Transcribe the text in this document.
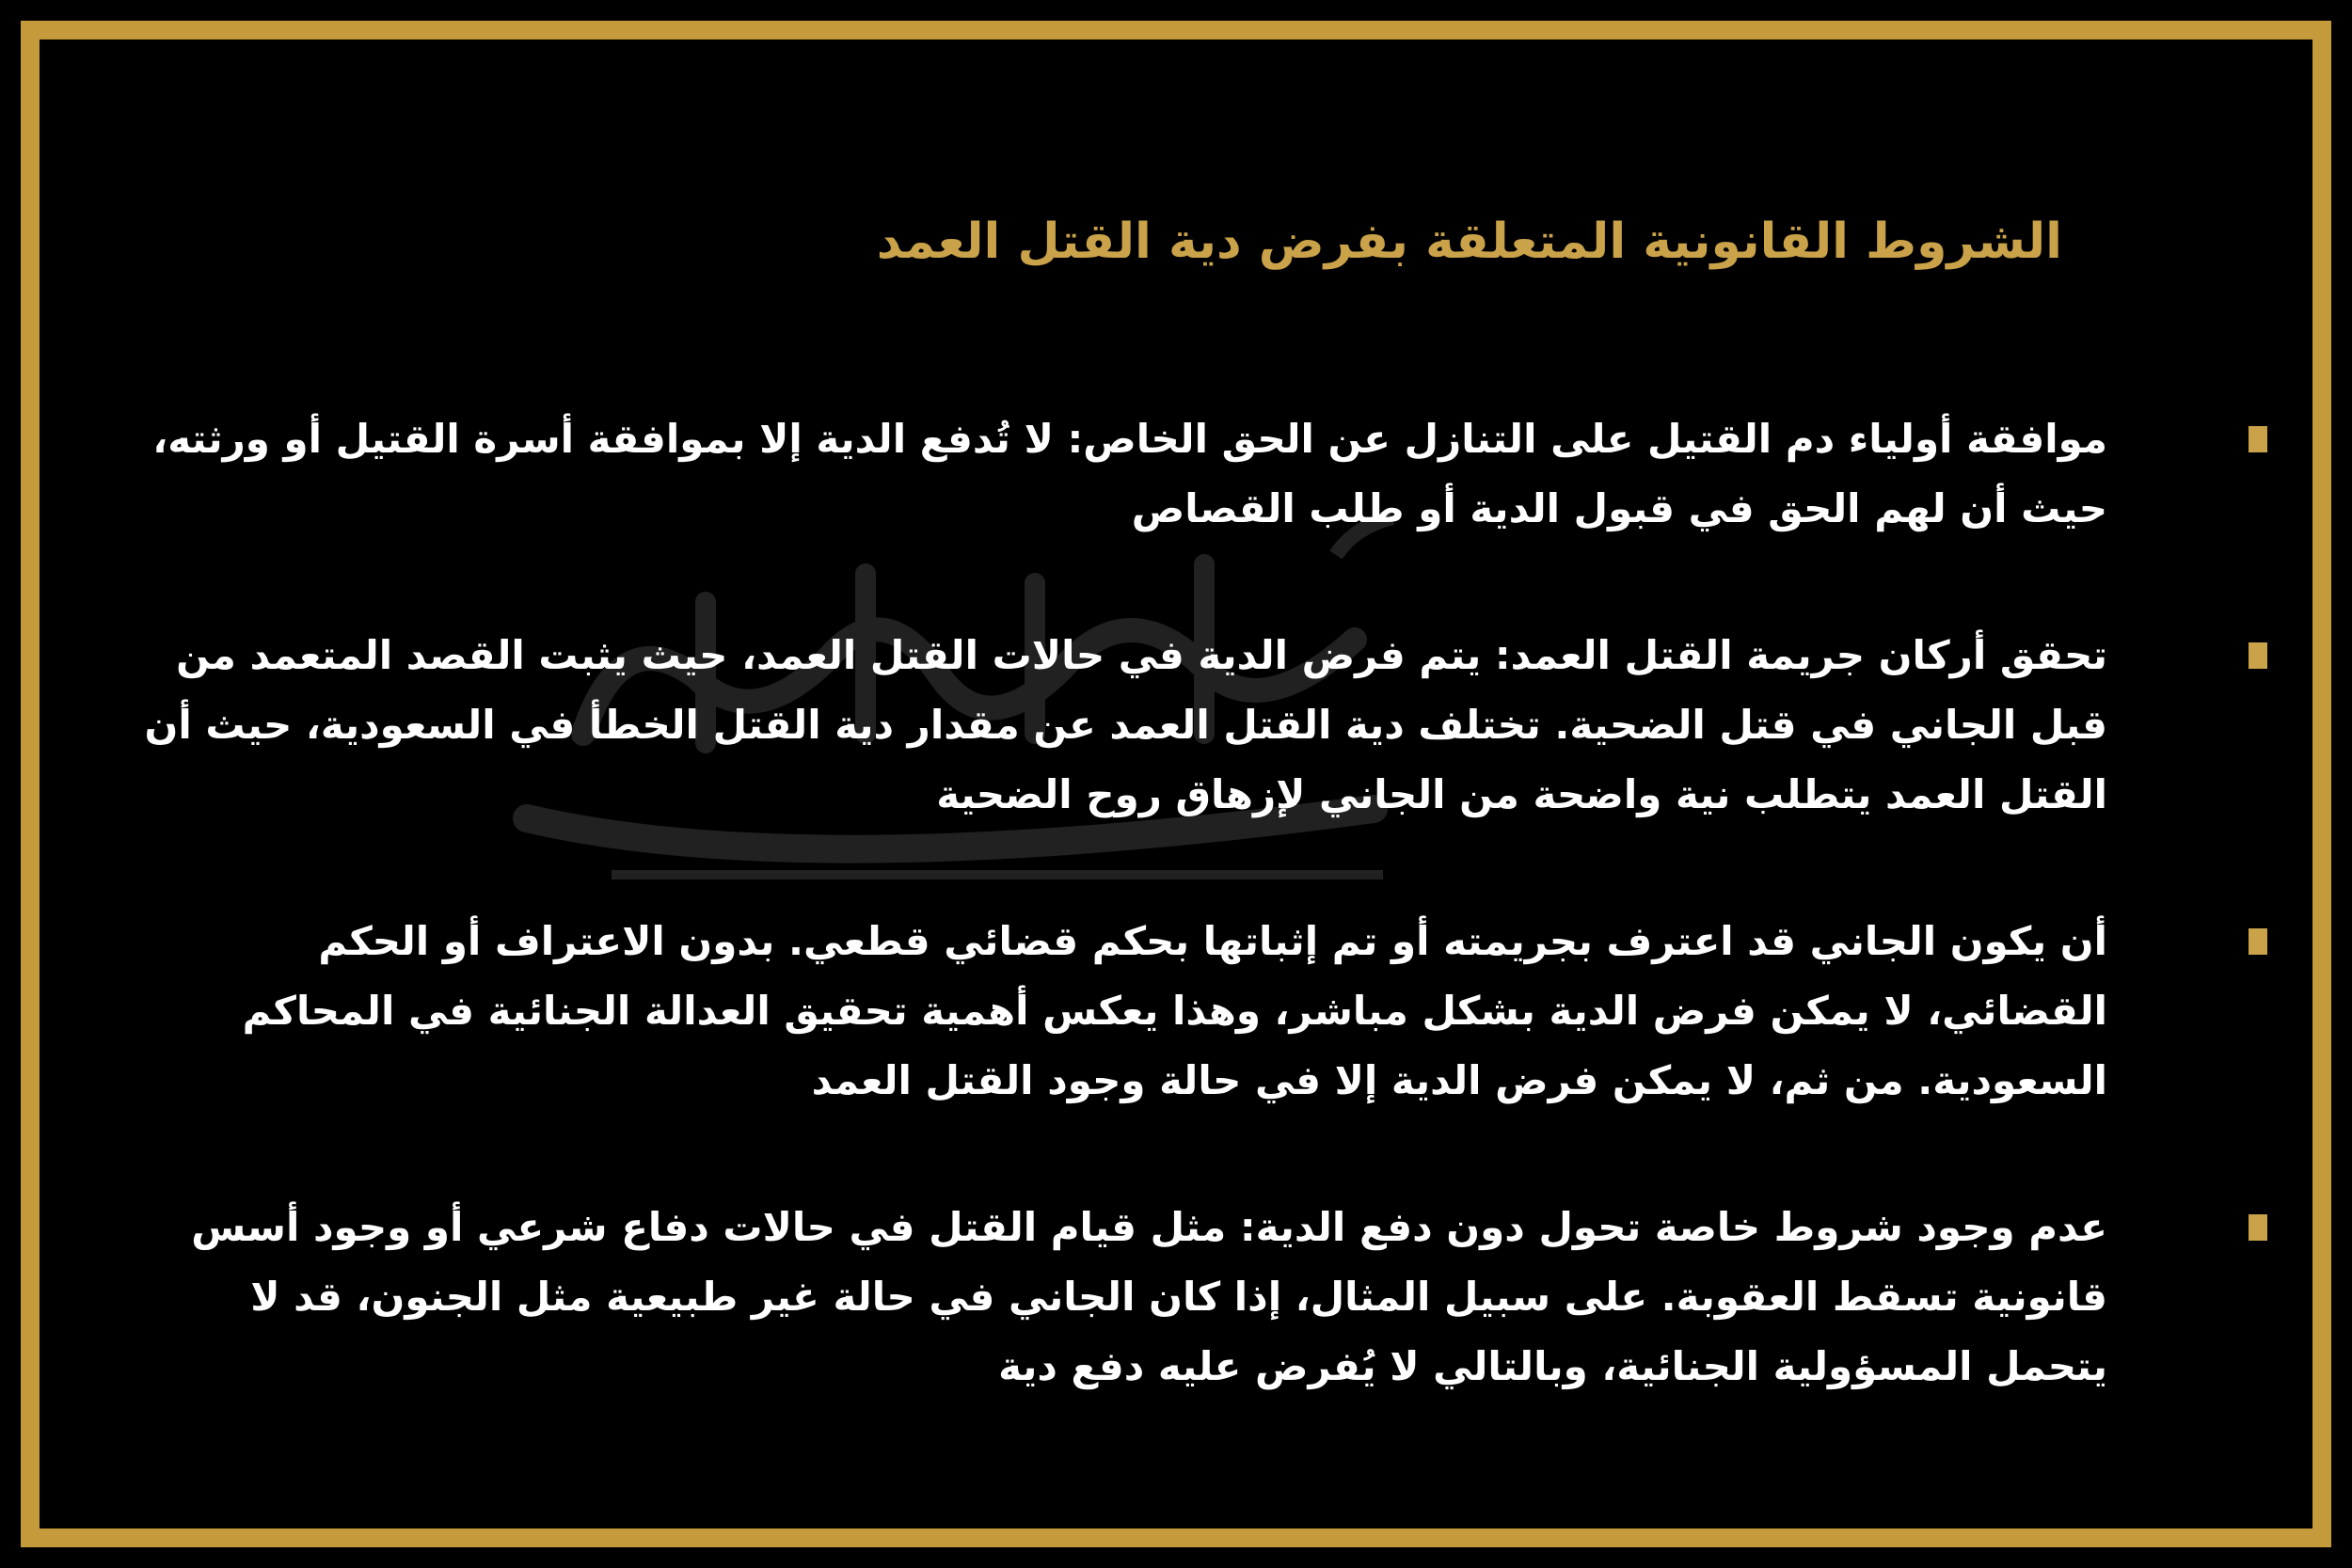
الشروط القانونية المتعلقة بفرض دية القتل العمد
موافقة أولياء دم القتيل على التنازل عن الحق الخاص: لا تُدفع الدية إلا بموافقة أسرة القتيل أو ورثته، حيث أن لهم الحق في قبول الدية أو طلب القصاص
تحقق أركان جريمة القتل العمد: يتم فرض الدية في حالات القتل العمد، حيث يثبت القصد المتعمد من قبل الجاني في قتل الضحية. تختلف دية القتل العمد عن مقدار دية القتل الخطأ في السعودية، حيث أن القتل العمد يتطلب نية واضحة من الجاني لإزهاق روح الضحية
أن يكون الجاني قد اعترف بجريمته أو تم إثباتها بحكم قضائي قطعي. بدون الاعتراف أو الحكم القضائي، لا يمكن فرض الدية بشكل مباشر، وهذا يعكس أهمية تحقيق العدالة الجنائية في المحاكم السعودية. من ثم، لا يمكن فرض الدية إلا في حالة وجود القتل العمد
عدم وجود شروط خاصة تحول دون دفع الدية: مثل قيام القتل في حالات دفاع شرعي أو وجود أسس قانونية تسقط العقوبة. على سبيل المثال، إذا كان الجاني في حالة غير طبيعية مثل الجنون، قد لا يتحمل المسؤولية الجنائية، وبالتالي لا يُفرض عليه دفع دية
